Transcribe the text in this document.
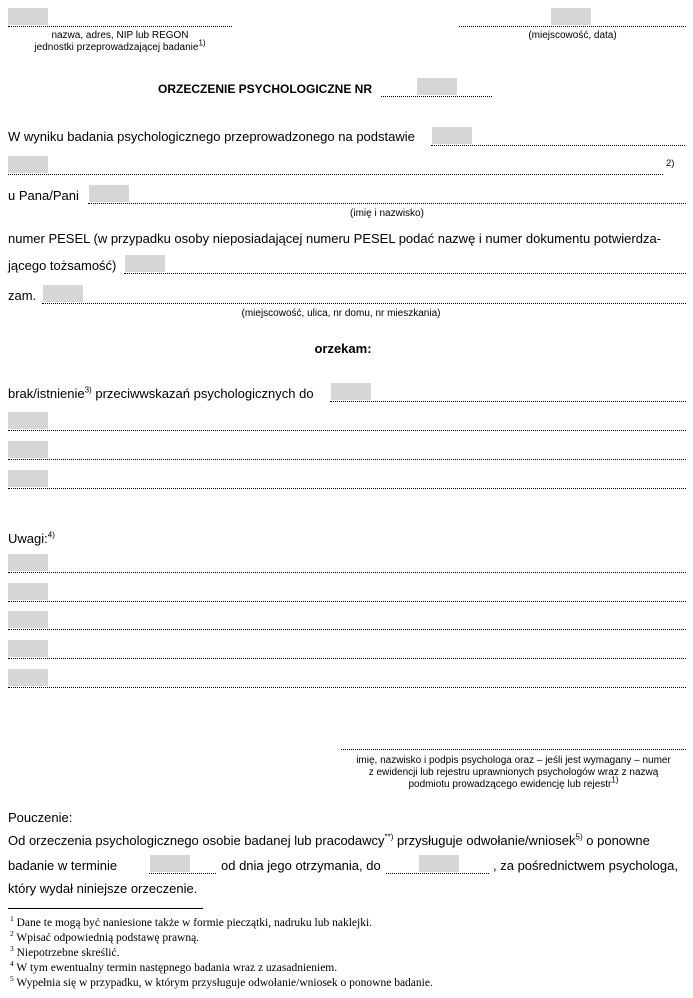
nazwa, adres, NIP lub REGON
jednostki przeprowadzającej badanie$^{1)}$
(miejscowość, data)
ORZECZENIE PSYCHOLOGICZNE NR
W wyniku badania psychologicznego przeprowadzonego na podstawie
2)
u Pana/Pani
(imię i nazwisko)
numer PESEL (w przypadku osoby nieposiadającej numeru PESEL podać nazwę i numer dokumentu potwierdza-
jącego tożsamość)
zam.
(miejscowość, ulica, nr domu, nr mieszkania)
orzekam:
brak/istnienie$^{3)}$ przeciwwskazań psychologicznych do
Uwagi:$^{4)}$
imię, nazwisko i podpis psychologa oraz – jeśli jest wymagany – numer
z ewidencji lub rejestru uprawnionych psychologów wraz z nazwą
podmiotu prowadzącego ewidencję lub rejestr$^{1)}$
Pouczenie:
Od orzeczenia psychologicznego osobie badanej lub pracodawcy**) przysługuje odwołanie/wniosek$^{5)}$ o ponowne
badanie w terminie	od dnia jego otrzymania, do	, za pośrednictwem psychologa,
który wydał niniejsze orzeczenie.
$^1$ Dane te mogą być naniesione także w formie pieczątki, nadruku lub naklejki.
$^2$ Wpisać odpowiednią podstawę prawną.
$^3$ Niepotrzebne skreślić.
$^4$ W tym ewentualny termin następnego badania wraz z uzasadnieniem.
$^5$ Wypełnia się w przypadku, w którym przysługuje odwołanie/wniosek o ponowne badanie.
